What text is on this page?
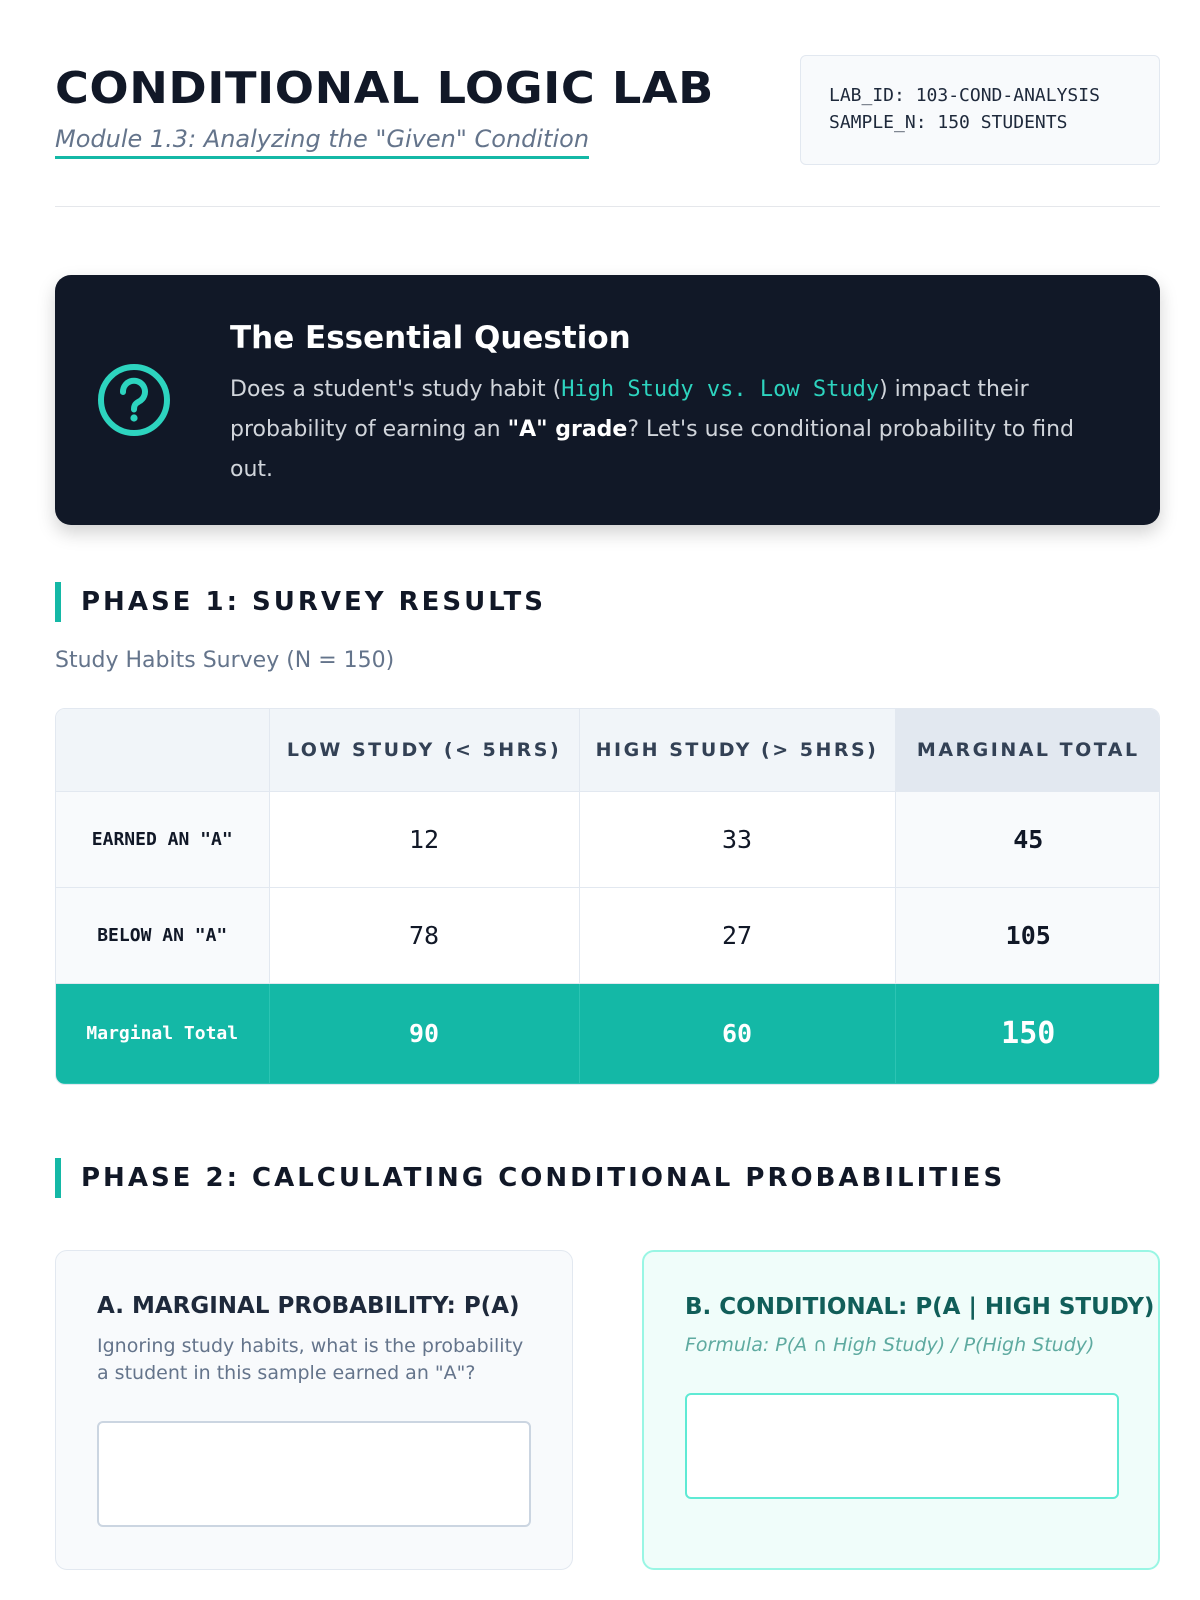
CONDITIONAL LOGIC LAB
Module 1.3: Analyzing the "Given" Condition
LAB_ID: 103-COND-ANALYSIS
SAMPLE_N: 150 STUDENTS
The Essential Question
Does a student's study habit (High Study vs. Low Study) impact their probability of earning an "A" grade? Let's use conditional probability to find out.
PHASE 1: SURVEY RESULTS
Study Habits Survey (N = 150)
	LOW STUDY (< 5HRS)	HIGH STUDY (> 5HRS)	MARGINAL TOTAL
EARNED AN "A"	12	33	45
BELOW AN "A"	78	27	105
Marginal Total	90	60	150
PHASE 2: CALCULATING CONDITIONAL PROBABILITIES
A. MARGINAL PROBABILITY: P(A)
Ignoring study habits, what is the probability a student in this sample earned an "A"?
B. CONDITIONAL: P(A | HIGH STUDY)
Formula: P(A ∩ High Study) / P(High Study)
